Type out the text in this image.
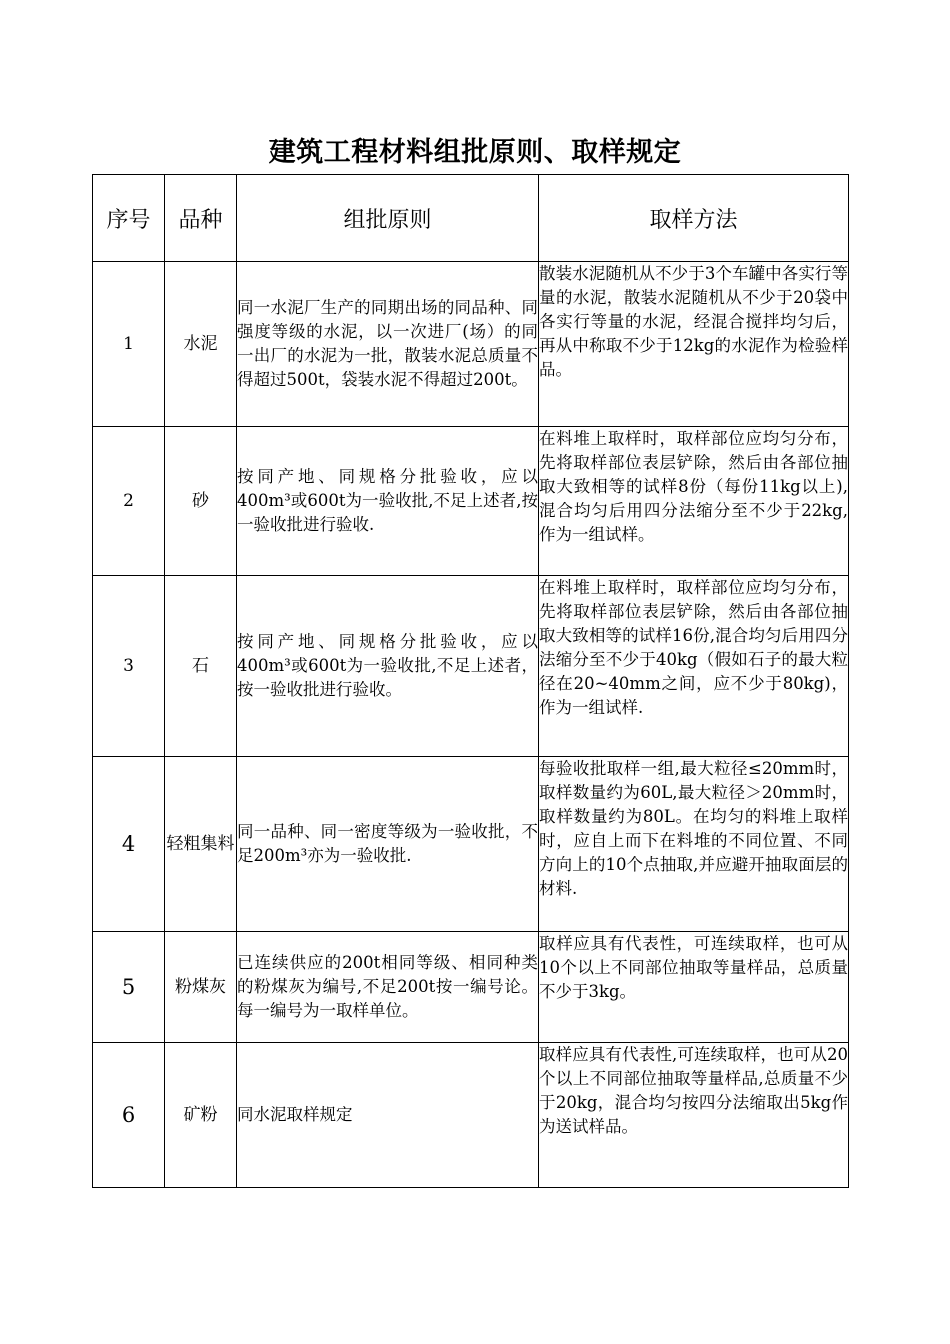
建筑工程材料组批原则、取样规定
序号	品种	组批原则	取样方法
1	水泥	同一水泥厂生产的同期出场的同品种、同强度等级的水泥，以一次进厂(场）的同一出厂的水泥为一批，散装水泥总质量不得超过500t，袋装水泥不得超过200t。	散装水泥随机从不少于3个车罐中各实行等量的水泥，散装水泥随机从不少于20袋中各实行等量的水泥，经混合搅拌均匀后，再从中称取不少于12kg的水泥作为检验样品。
2	砂	按同产地、同规格分批验收，应以400m³或600t为一验收批,不足上述者,按一验收批进行验收.	在料堆上取样时，取样部位应均匀分布，先将取样部位表层铲除，然后由各部位抽取大致相等的试样8份（每份11kg以上),混合均匀后用四分法缩分至不少于22kg,作为一组试样。
3	石	按同产地、同规格分批验收，应以400m³或600t为一验收批,不足上述者，按一验收批进行验收。	在料堆上取样时，取样部位应均匀分布，先将取样部位表层铲除，然后由各部位抽取大致相等的试样16份,混合均匀后用四分法缩分至不少于40kg（假如石子的最大粒径在20~40mm之间，应不少于80kg)，作为一组试样.
4	轻粗集料	同一品种、同一密度等级为一验收批，不足200m³亦为一验收批.	每验收批取样一组,最大粒径≤20mm时，取样数量约为60L,最大粒径＞20mm时，取样数量约为80L。在均匀的料堆上取样时，应自上而下在料堆的不同位置、不同方向上的10个点抽取,并应避开抽取面层的材料.
5	粉煤灰	已连续供应的200t相同等级、相同种类的粉煤灰为编号,不足200t按一编号论。每一编号为一取样单位。	取样应具有代表性，可连续取样，也可从10个以上不同部位抽取等量样品，总质量不少于3kg。
6	矿粉	同水泥取样规定	取样应具有代表性,可连续取样，也可从20个以上不同部位抽取等量样品,总质量不少于20kg，混合均匀按四分法缩取出5kg作为送试样品。
